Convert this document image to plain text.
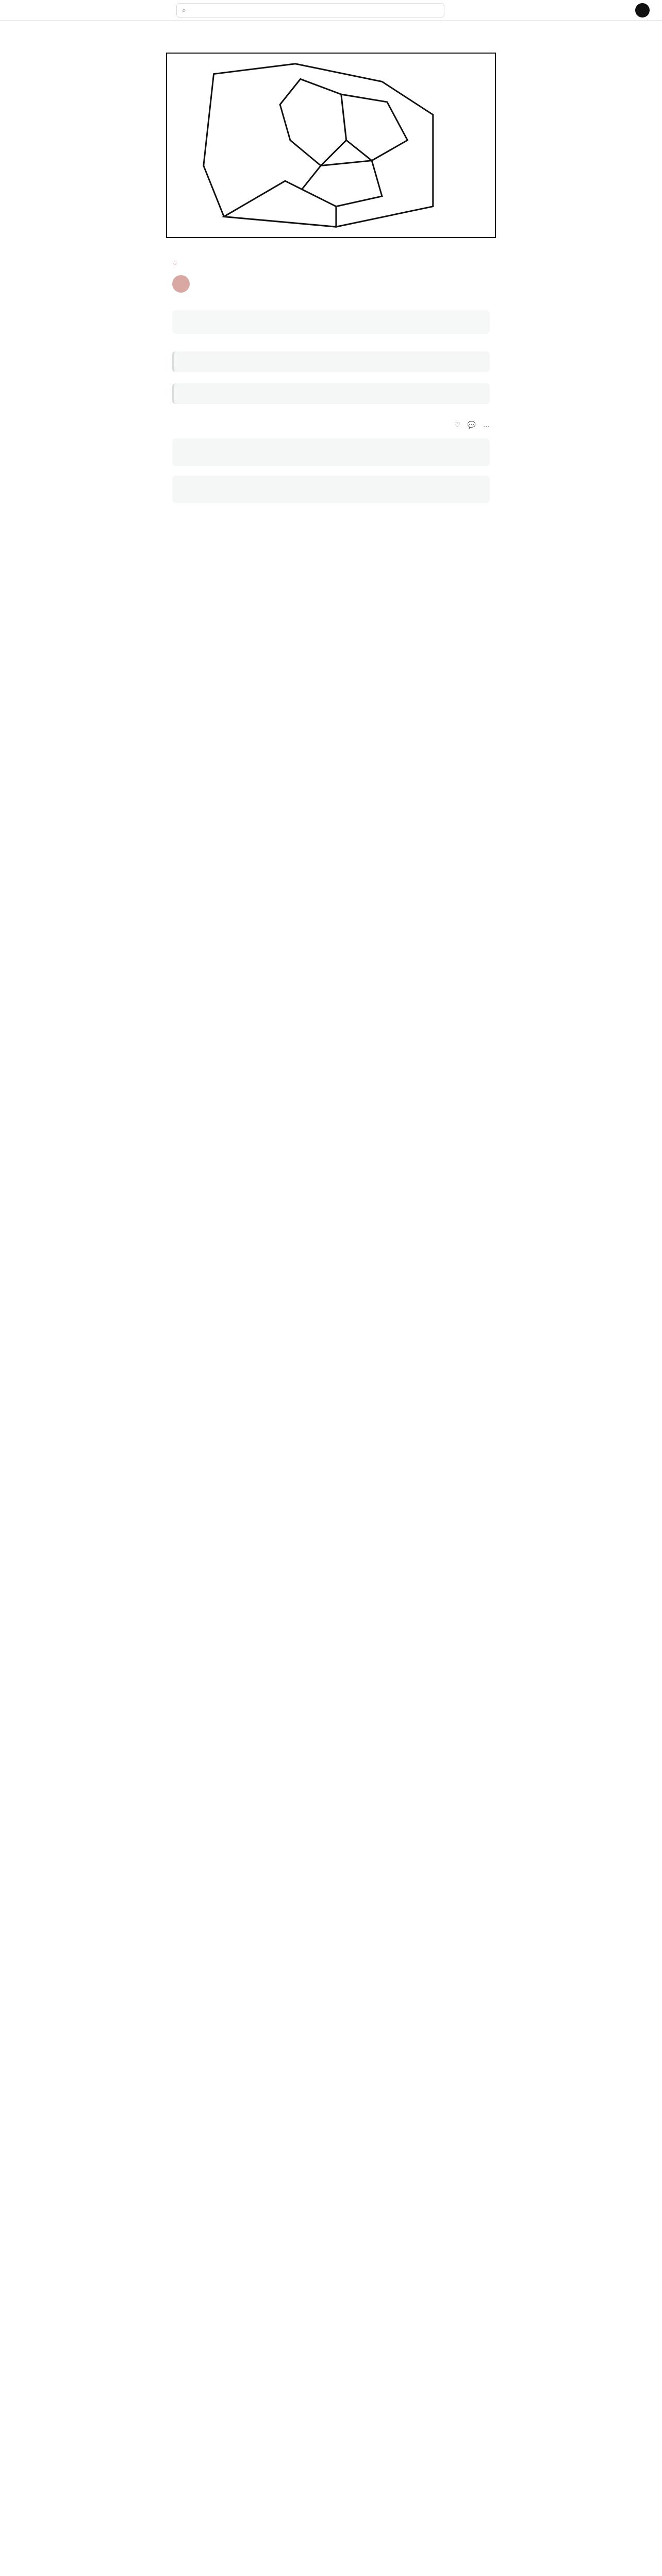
⌕
♡
♡ 💬 …
